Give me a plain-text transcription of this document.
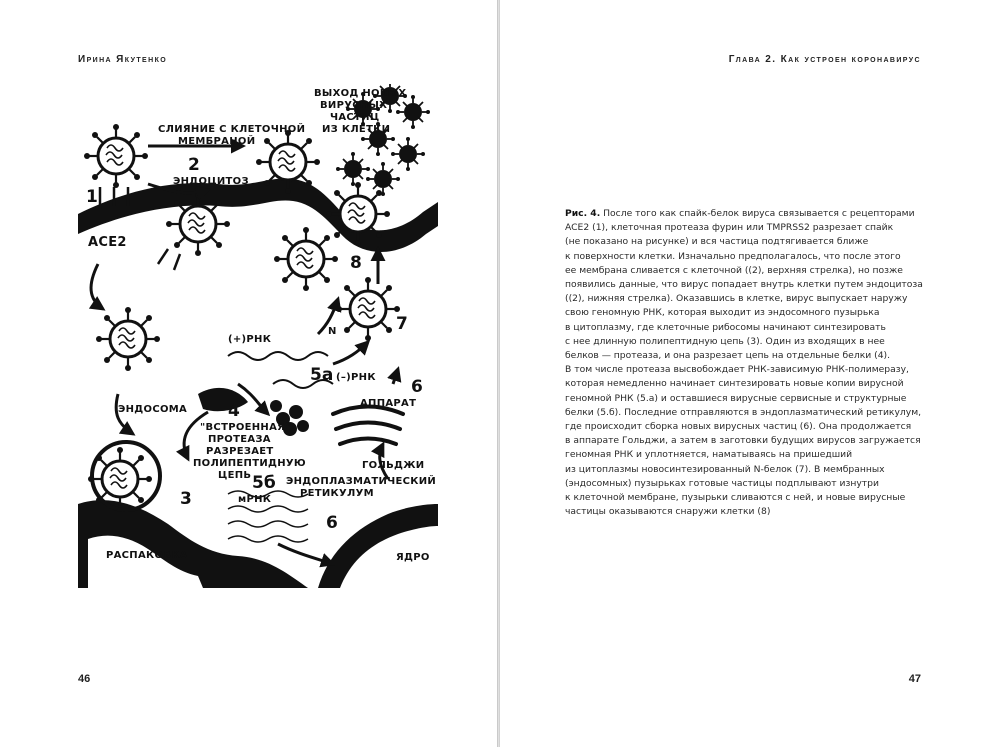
Ирина Якутенко
СЛИЯНИЕ С КЛЕТОЧНОЙ
МЕМБРАНОЙ
2
ЭНДОЦИТОЗ
1
ACE2
ВЫХОД НОВЫХ
ВИРУСНЫХ
ЧАСТИЦ
ИЗ КЛЕТКИ
8
(+)РНК
N	7
5а (–)РНК 6
ЭНДОСОМА 4
"ВСТРОЕННАЯ"
ПРОТЕАЗА
РАЗРЕЗАЕТ
ПОЛИПЕПТИДНУЮ
ЦЕПЬ
АППАРАТ
ГОЛЬДЖИ
ЭНДОПЛАЗМАТИЧЕСКИЙ
РЕТИКУЛУМ
5б
мРНК
3
6
РАСПАКОВКА	ЯДРО
46
Глава 2. Как устроен коронавирус
47

Рис. 4. После того как спайк-белок вируса связывается с рецепторами
ACE2 (1), клеточная протеаза фурин или TMPRSS2 разрезает спайк
(не показано на рисунке) и вся частица подтягивается ближе
к поверхности клетки. Изначально предполагалось, что после этого
ее мембрана сливается с клеточной ((2), верхняя стрелка), но позже
появились данные, что вирус попадает внутрь клетки путем эндоцитоза
((2), нижняя стрелка). Оказавшись в клетке, вирус выпускает наружу
свою геномную РНК, которая выходит из эндосомного пузырька
в цитоплазму, где клеточные рибосомы начинают синтезировать
с нее длинную полипептидную цепь (3). Один из входящих в нее
белков — протеаза, и она разрезает цепь на отдельные белки (4).
В том числе протеаза высвобождает РНК-зависимую РНК-полимеразу,
которая немедленно начинает синтезировать новые копии вирусной
геномной РНК (5.а) и оставшиеся вирусные сервисные и структурные
белки (5.б). Последние отправляются в эндоплазматический ретикулум,
где происходит сборка новых вирусных частиц (6). Она продолжается
в аппарате Гольджи, а затем в заготовки будущих вирусов загружается
геномная РНК и уплотняется, наматываясь на пришедший
из цитоплазмы новосинтезированный N-белок (7). В мембранных
(эндосомных) пузырьках готовые частицы подплывают изнутри
к клеточной мембране, пузырьки сливаются с ней, и новые вирусные
частицы оказываются снаружи клетки (8)
